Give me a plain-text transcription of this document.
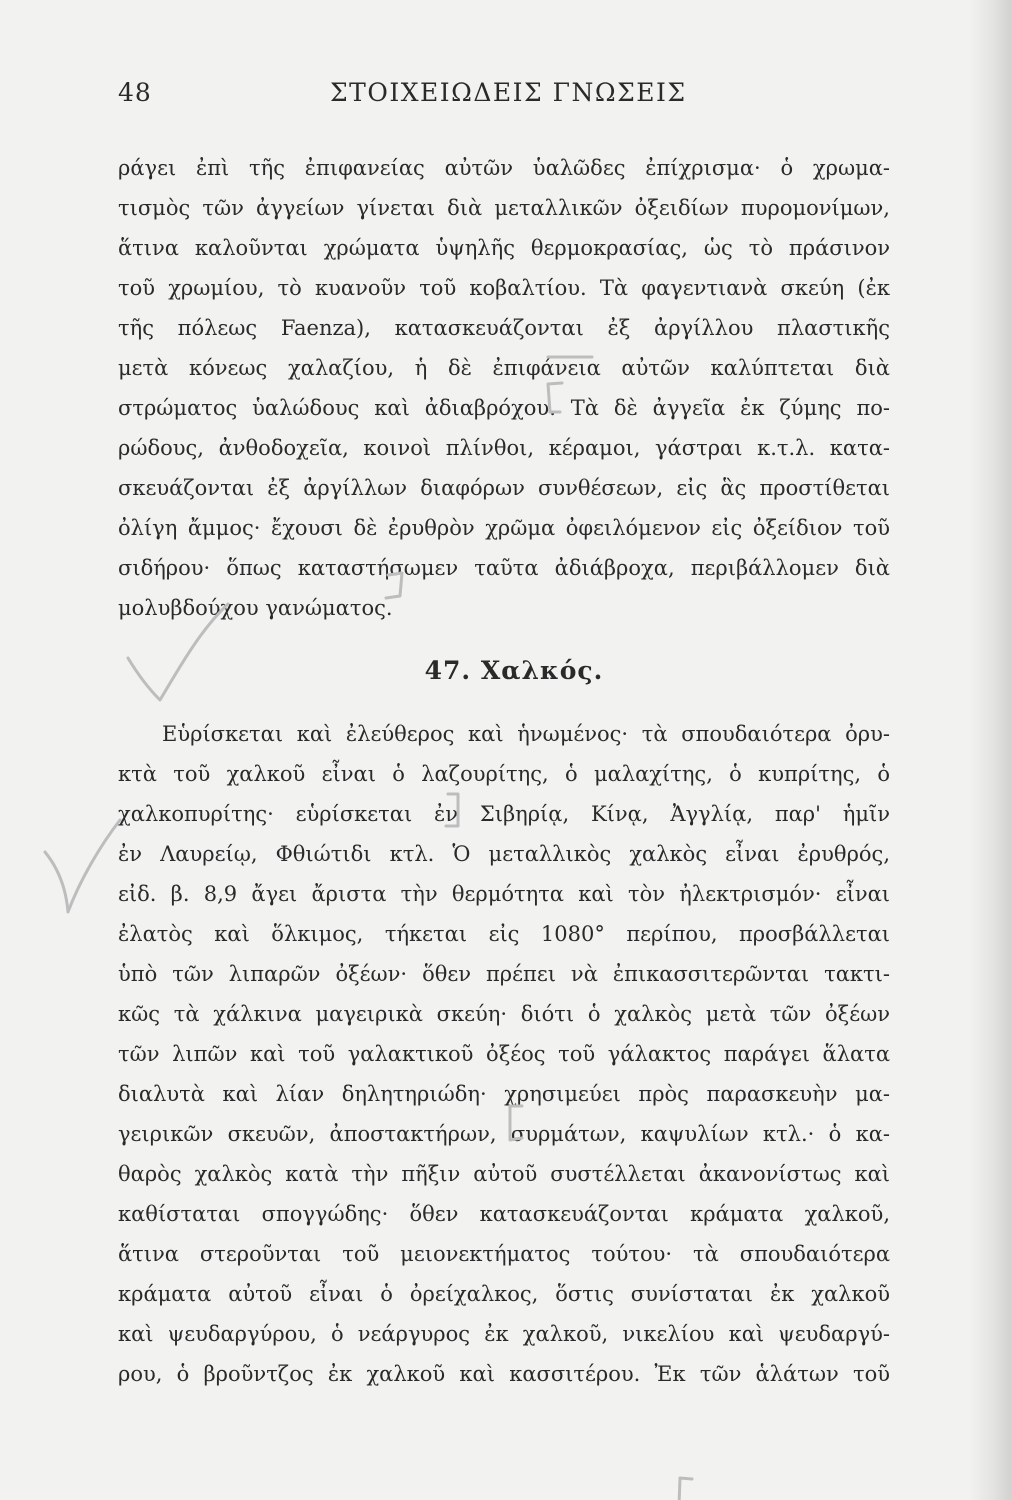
48	ΣΤΟΙΧΕΙΩΔΕΙΣ ΓΝΩΣΕΙΣ
ράγει ἐπὶ τῆς ἐπιφανείας αὐτῶν ὑαλῶδες ἐπίχρισμα· ὁ χρωμα-
τισμὸς τῶν ἀγγείων γίνεται διὰ μεταλλικῶν ὀξειδίων πυρομονίμων,
ἅτινα καλοῦνται χρώματα ὑψηλῆς θερμοκρασίας, ὡς τὸ πράσινον
τοῦ χρωμίου, τὸ κυανοῦν τοῦ κοβαλτίου. Τὰ φαγεντιανὰ σκεύη (ἐκ
τῆς πόλεως Faenza), κατασκευάζονται ἐξ ἀργίλλου πλαστικῆς
μετὰ κόνεως χαλαζίου, ἡ δὲ ἐπιφάνεια αὐτῶν καλύπτεται διὰ
στρώματος ὑαλώδους καὶ ἀδιαβρόχου. Τὰ δὲ ἀγγεῖα ἐκ ζύμης πο-
ρώδους, ἀνθοδοχεῖα, κοινοὶ πλίνθοι, κέραμοι, γάστραι κ.τ.λ. κατα-
σκευάζονται ἐξ ἀργίλλων διαφόρων συνθέσεων, εἰς ἃς προστίθεται
ὀλίγη ἄμμος· ἔχουσι δὲ ἐρυθρὸν χρῶμα ὀφειλόμενον εἰς ὀξείδιον τοῦ
σιδήρου· ὅπως καταστήσωμεν ταῦτα ἀδιάβροχα, περιβάλλομεν διὰ
μολυβδούχου γανώματος.
47. Χαλκός.
Εὑρίσκεται καὶ ἐλεύθερος καὶ ἡνωμένος· τὰ σπουδαιότερα ὀρυ-
κτὰ τοῦ χαλκοῦ εἶναι ὁ λαζουρίτης, ὁ μαλαχίτης, ὁ κυπρίτης, ὁ
χαλκοπυρίτης· εὑρίσκεται ἐν Σιβηρίᾳ, Κίνᾳ, Ἀγγλίᾳ, παρ' ἡμῖν
ἐν Λαυρείῳ, Φθιώτιδι κτλ. Ὁ μεταλλικὸς χαλκὸς εἶναι ἐρυθρός,
εἰδ. β. 8,9 ἄγει ἄριστα τὴν θερμότητα καὶ τὸν ἠλεκτρισμόν· εἶναι
ἐλατὸς καὶ ὅλκιμος, τήκεται εἰς 1080° περίπου, προσβάλλεται
ὑπὸ τῶν λιπαρῶν ὀξέων· ὅθεν πρέπει νὰ ἐπικασσιτερῶνται τακτι-
κῶς τὰ χάλκινα μαγειρικὰ σκεύη· διότι ὁ χαλκὸς μετὰ τῶν ὀξέων
τῶν λιπῶν καὶ τοῦ γαλακτικοῦ ὀξέος τοῦ γάλακτος παράγει ἅλατα
διαλυτὰ καὶ λίαν δηλητηριώδη· χρησιμεύει πρὸς παρασκευὴν μα-
γειρικῶν σκευῶν, ἀποστακτήρων, συρμάτων, καψυλίων κτλ.· ὁ κα-
θαρὸς χαλκὸς κατὰ τὴν πῆξιν αὐτοῦ συστέλλεται ἀκανονίστως καὶ
καθίσταται σπογγώδης· ὅθεν κατασκευάζονται κράματα χαλκοῦ,
ἅτινα στεροῦνται τοῦ μειονεκτήματος τούτου· τὰ σπουδαιότερα
κράματα αὐτοῦ εἶναι ὁ ὀρείχαλκος, ὅστις συνίσταται ἐκ χαλκοῦ
καὶ ψευδαργύρου, ὁ νεάργυρος ἐκ χαλκοῦ, νικελίου καὶ ψευδαργύ-
ρου, ὁ βροῦντζος ἐκ χαλκοῦ καὶ κασσιτέρου. Ἐκ τῶν ἁλάτων τοῦ
